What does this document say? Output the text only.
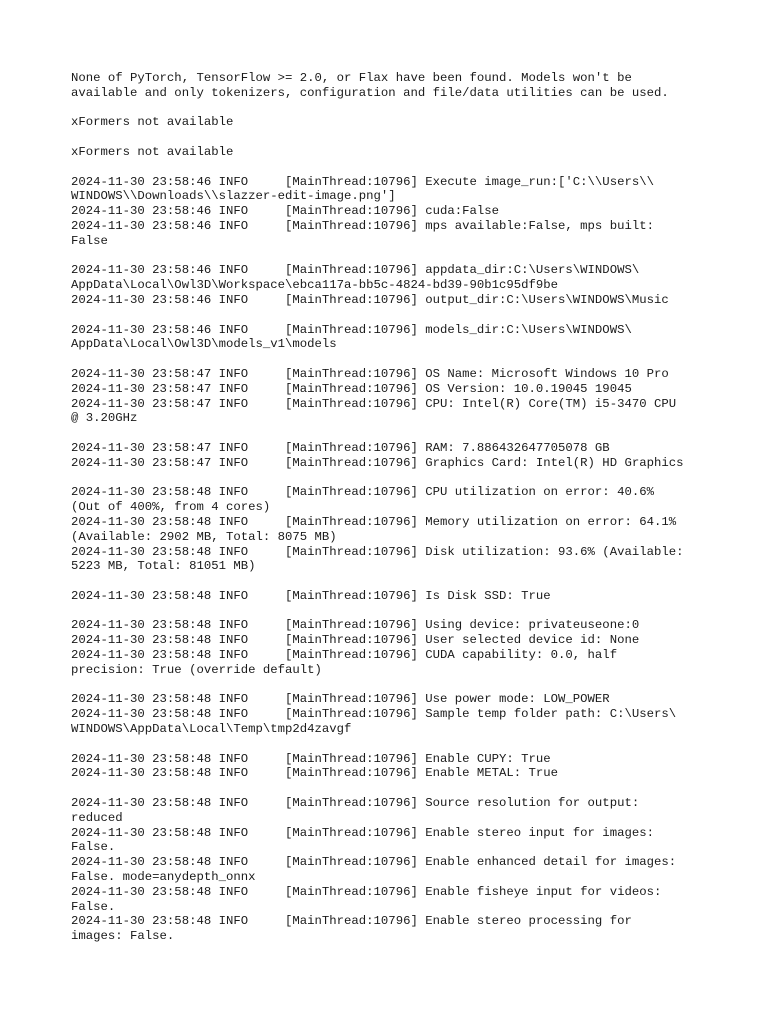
None of PyTorch, TensorFlow >= 2.0, or Flax have been found. Models won't be
available and only tokenizers, configuration and file/data utilities can be used.
xFormers not available
xFormers not available
2024-11-30 23:58:46 INFO     [MainThread:10796] Execute image_run:['C:\\Users\\
WINDOWS\\Downloads\\slazzer-edit-image.png']
2024-11-30 23:58:46 INFO     [MainThread:10796] cuda:False
2024-11-30 23:58:46 INFO     [MainThread:10796] mps available:False, mps built:
False
2024-11-30 23:58:46 INFO     [MainThread:10796] appdata_dir:C:\Users\WINDOWS\
AppData\Local\Owl3D\Workspace\ebca117a-bb5c-4824-bd39-90b1c95df9be
2024-11-30 23:58:46 INFO     [MainThread:10796] output_dir:C:\Users\WINDOWS\Music
2024-11-30 23:58:46 INFO     [MainThread:10796] models_dir:C:\Users\WINDOWS\
AppData\Local\Owl3D\models_v1\models
2024-11-30 23:58:47 INFO     [MainThread:10796] OS Name: Microsoft Windows 10 Pro
2024-11-30 23:58:47 INFO     [MainThread:10796] OS Version: 10.0.19045 19045
2024-11-30 23:58:47 INFO     [MainThread:10796] CPU: Intel(R) Core(TM) i5-3470 CPU
@ 3.20GHz
2024-11-30 23:58:47 INFO     [MainThread:10796] RAM: 7.886432647705078 GB
2024-11-30 23:58:47 INFO     [MainThread:10796] Graphics Card: Intel(R) HD Graphics
2024-11-30 23:58:48 INFO     [MainThread:10796] CPU utilization on error: 40.6%
(Out of 400%, from 4 cores)
2024-11-30 23:58:48 INFO     [MainThread:10796] Memory utilization on error: 64.1%
(Available: 2902 MB, Total: 8075 MB)
2024-11-30 23:58:48 INFO     [MainThread:10796] Disk utilization: 93.6% (Available:
5223 MB, Total: 81051 MB)
2024-11-30 23:58:48 INFO     [MainThread:10796] Is Disk SSD: True
2024-11-30 23:58:48 INFO     [MainThread:10796] Using device: privateuseone:0
2024-11-30 23:58:48 INFO     [MainThread:10796] User selected device id: None
2024-11-30 23:58:48 INFO     [MainThread:10796] CUDA capability: 0.0, half
precision: True (override default)
2024-11-30 23:58:48 INFO     [MainThread:10796] Use power mode: LOW_POWER
2024-11-30 23:58:48 INFO     [MainThread:10796] Sample temp folder path: C:\Users\
WINDOWS\AppData\Local\Temp\tmp2d4zavgf
2024-11-30 23:58:48 INFO     [MainThread:10796] Enable CUPY: True
2024-11-30 23:58:48 INFO     [MainThread:10796] Enable METAL: True
2024-11-30 23:58:48 INFO     [MainThread:10796] Source resolution for output:
reduced
2024-11-30 23:58:48 INFO     [MainThread:10796] Enable stereo input for images:
False.
2024-11-30 23:58:48 INFO     [MainThread:10796] Enable enhanced detail for images:
False. mode=anydepth_onnx
2024-11-30 23:58:48 INFO     [MainThread:10796] Enable fisheye input for videos:
False.
2024-11-30 23:58:48 INFO     [MainThread:10796] Enable stereo processing for
images: False.
